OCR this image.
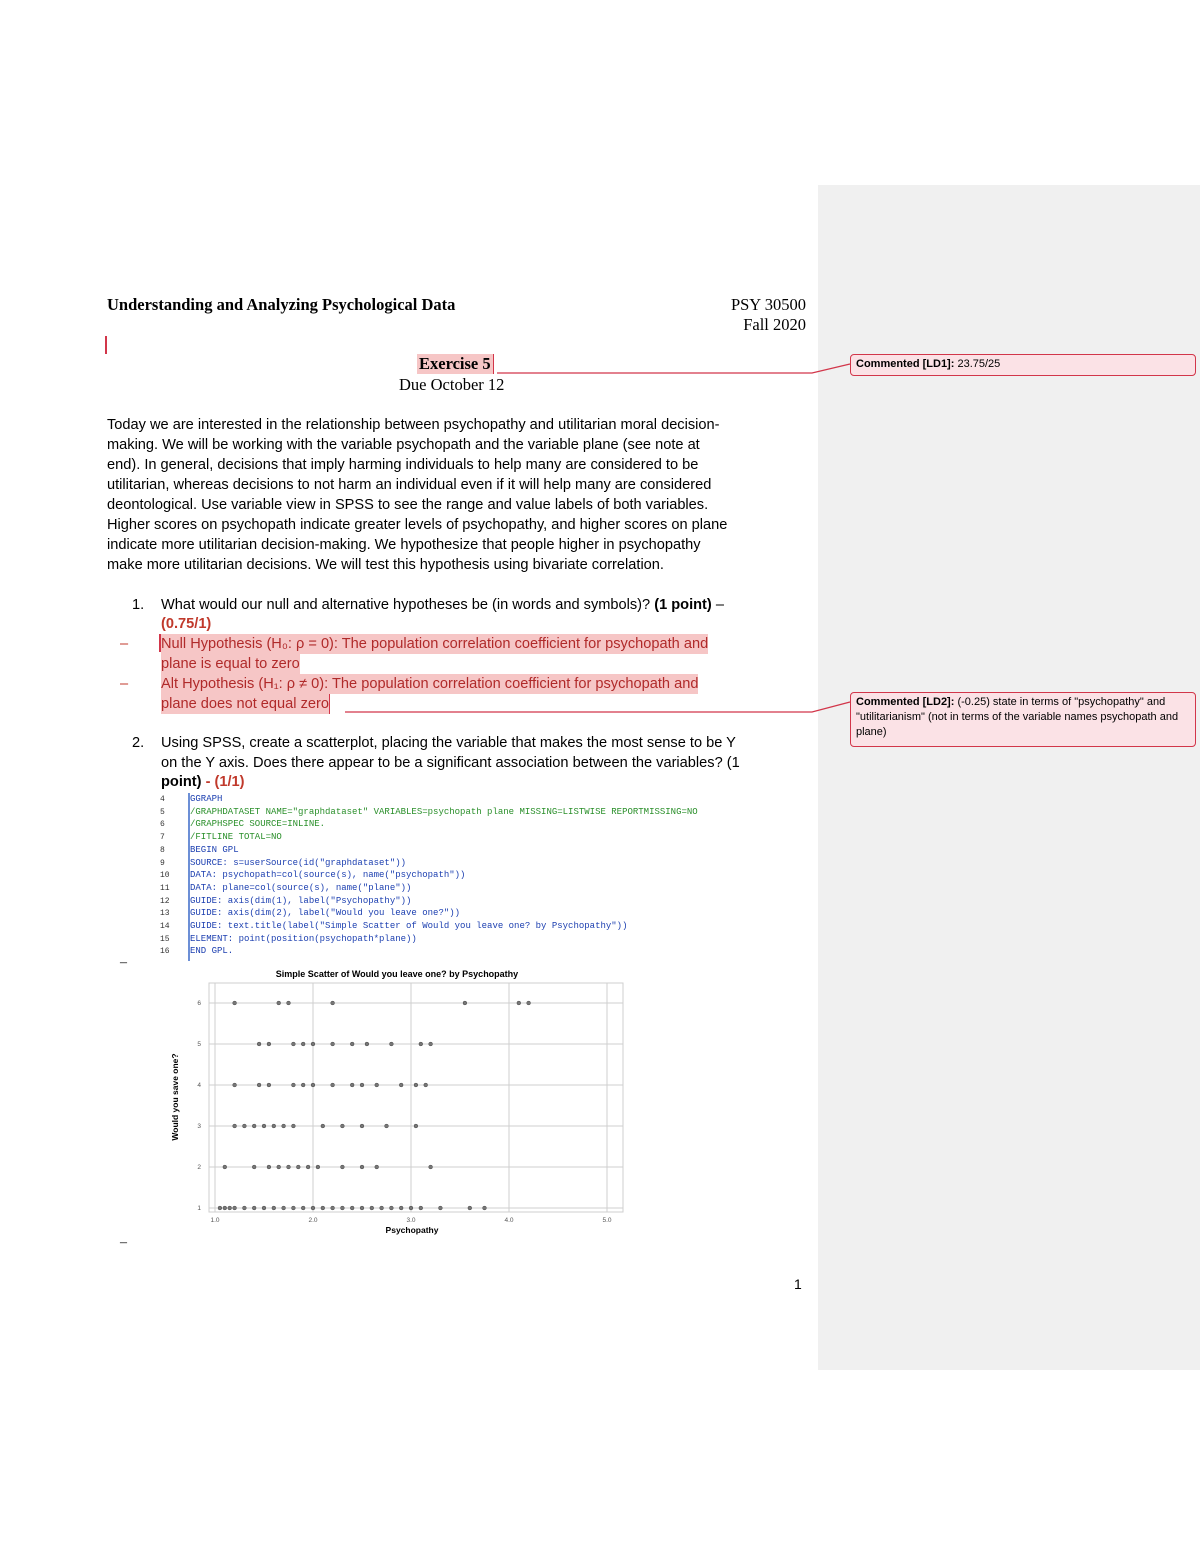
Understanding and Analyzing Psychological Data	PSY 30500
Fall 2020
Exercise 5
Due October 12
Today we are interested in the relationship between psychopathy and utilitarian moral decision-
making. We will be working with the variable psychopath and the variable plane (see note at
end). In general, decisions that imply harming individuals to help many are considered to be
utilitarian, whereas decisions to not harm an individual even if it will help many are considered
deontological. Use variable view in SPSS to see the range and value labels of both variables.
Higher scores on psychopath indicate greater levels of psychopathy, and higher scores on plane
indicate more utilitarian decision-making. We hypothesize that people higher in psychopathy
make more utilitarian decisions. We will test this hypothesis using bivariate correlation.
1. What would our null and alternative hypotheses be (in words and symbols)? (1 point) –
(0.75/1)
– Null Hypothesis (H₀: ρ = 0): The population correlation coefficient for psychopath and
plane is equal to zero
– Alt Hypothesis (H₁: ρ ≠ 0): The population correlation coefficient for psychopath and
plane does not equal zero
2. Using SPSS, create a scatterplot, placing the variable that makes the most sense to be Y
on the Y axis. Does there appear to be a significant association between the variables? (1
point) - (1/1)
4	GGRAPH
5	/GRAPHDATASET NAME="graphdataset" VARIABLES=psychopath plane MISSING=LISTWISE REPORTMISSING=NO
6	/GRAPHSPEC SOURCE=INLINE.
7	/FITLINE TOTAL=NO
8	BEGIN GPL
9	SOURCE: s=userSource(id("graphdataset"))
10	DATA: psychopath=col(source(s), name("psychopath"))
11	DATA: plane=col(source(s), name("plane"))
12	GUIDE: axis(dim(1), label("Psychopathy"))
13	GUIDE: axis(dim(2), label("Would you leave one?"))
14	GUIDE: text.title(label("Simple Scatter of Would you leave one? by Psychopathy"))
15	ELEMENT: point(position(psychopath*plane))
16	END GPL.
–
Simple Scatter of Would you leave one? by Psychopathy
1.0	2.0	3.0	4.0	5.0
1
2
3
4
5
6
Psychopathy
Would you save one?
–
1
Commented [LD1]: 23.75/25
Commented [LD2]: (-0.25) state in terms of "psychopathy" and "utilitarianism" (not in terms of the variable names psychopath and plane)
